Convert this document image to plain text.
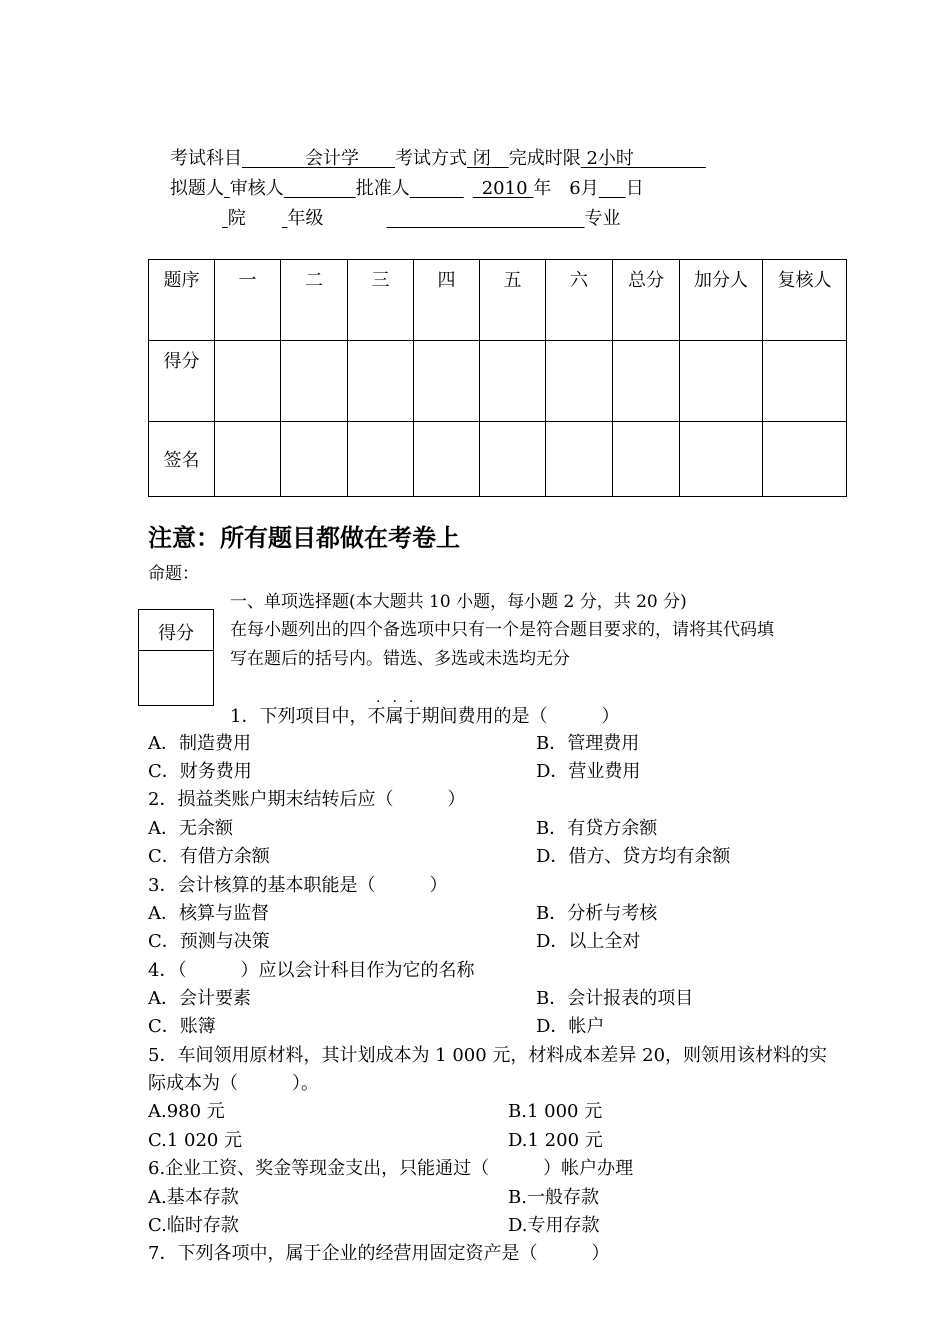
考试科目    	会计学   考试方式 闭  完成时限 2小时    
拟题人 审核人    	批准人     	2010 年  6月    日
院   年级               	专业
题序	一	二	三	四	五	六	总分	加分人	复核人
得分									
签名									
注意：所有题目都做在考卷上
命题：
得分
一、单项选择题(本大题共 10 小题，每小题 2 分，共 20 分)
在每小题列出的四个备选项中只有一个是符合题目要求的，请将其代码填
写在题后的括号内。错选、多选或未选均无分
...
1．下列项目中，不属于期间费用的是（　　　）
A．制造费用	B．管理费用
C．财务费用	D．营业费用
2．损益类账户期末结转后应（　　　）
A．无余额	B．有贷方余额
C．有借方余额	D．借方、贷方均有余额
3．会计核算的基本职能是（　　　）
A．核算与监督	B．分析与考核
C．预测与决策	D．以上全对
4．（　　　）应以会计科目作为它的名称
A．会计要素	B．会计报表的项目
C．账簿	D．帐户
5．车间领用原材料，其计划成本为 1 000 元，材料成本差异 20，则领用该材料的实
际成本为（　　　）。
A.980 元	B.1 000 元
C.1 020 元	D.1 200 元
6.企业工资、奖金等现金支出，只能通过（　　　）帐户办理
A.基本存款	B.一般存款
C.临时存款	D.专用存款
7．下列各项中，属于企业的经营用固定资产是（　　　）
